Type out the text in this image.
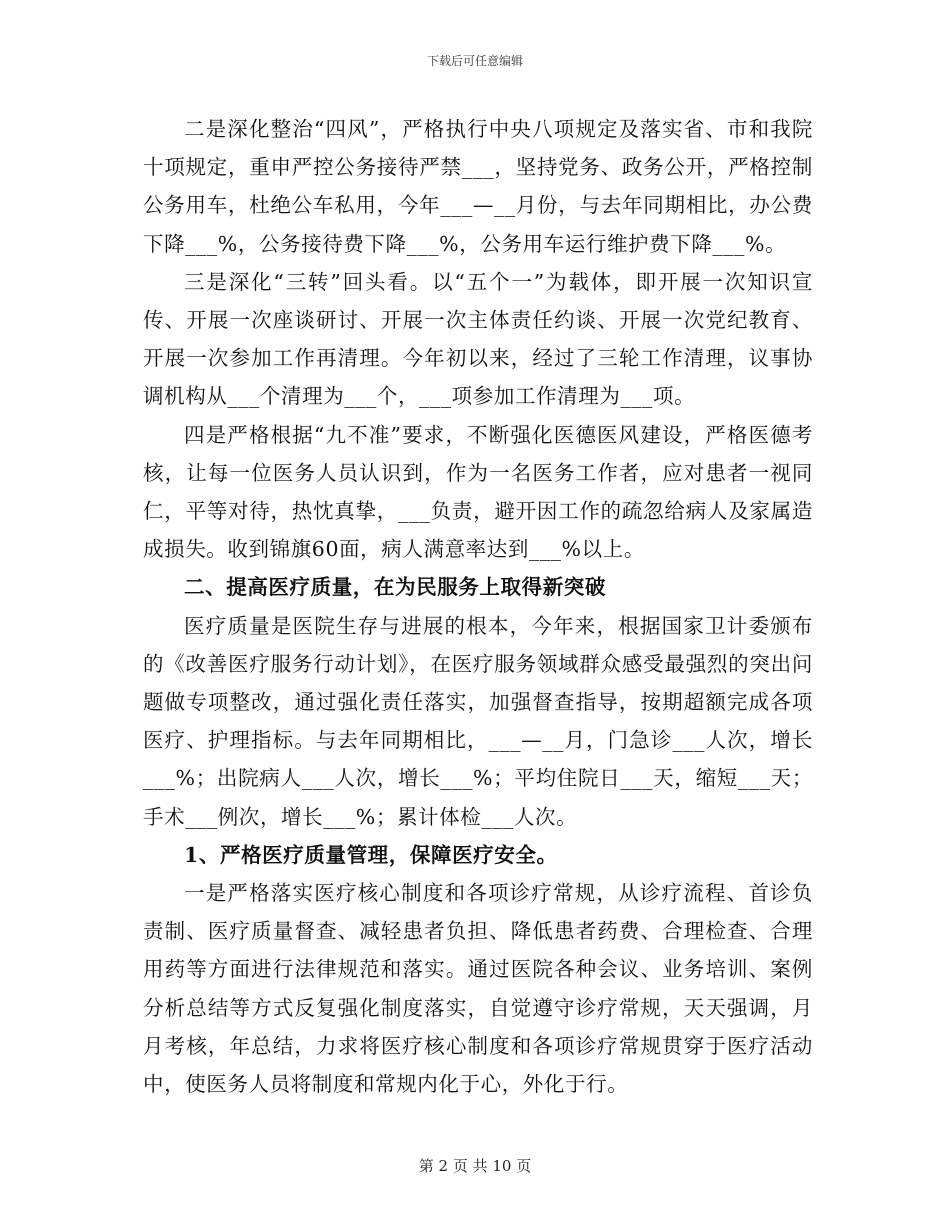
下载后可任意编辑

二是深化整治“四风”，严格执行中央八项规定及落实省、市和我院十项规定，重申严控公务接待严禁___，坚持党务、政务公开，严格控制公务用车，杜绝公车私用，今年___—__月份，与去年同期相比，办公费下降___%，公务接待费下降___%，公务用车运行维护费下降___%。

三是深化“三转”回头看。以“五个一”为载体，即开展一次知识宣传、开展一次座谈研讨、开展一次主体责任约谈、开展一次党纪教育、开展一次参加工作再清理。今年初以来，经过了三轮工作清理，议事协调机构从___个清理为___个，___项参加工作清理为___项。

四是严格根据“九不准”要求，不断强化医德医风建设，严格医德考核，让每一位医务人员认识到，作为一名医务工作者，应对患者一视同仁，平等对待，热忱真挚，___负责，避开因工作的疏忽给病人及家属造成损失。收到锦旗60面，病人满意率达到___%以上。

二、提高医疗质量，在为民服务上取得新突破

医疗质量是医院生存与进展的根本，今年来，根据国家卫计委颁布的《改善医疗服务行动计划》，在医疗服务领域群众感受最强烈的突出问题做专项整改，通过强化责任落实，加强督查指导，按期超额完成各项医疗、护理指标。与去年同期相比，___—__月，门急诊___人次，增长___%；出院病人___人次，增长___%；平均住院日___天，缩短___天；手术___例次，增长___%；累计体检___人次。

1、严格医疗质量管理，保障医疗安全。

一是严格落实医疗核心制度和各项诊疗常规，从诊疗流程、首诊负责制、医疗质量督查、减轻患者负担、降低患者药费、合理检查、合理用药等方面进行法律规范和落实。通过医院各种会议、业务培训、案例分析总结等方式反复强化制度落实，自觉遵守诊疗常规，天天强调，月月考核，年总结，力求将医疗核心制度和各项诊疗常规贯穿于医疗活动中，使医务人员将制度和常规内化于心，外化于行。

第 2 页 共 10 页
